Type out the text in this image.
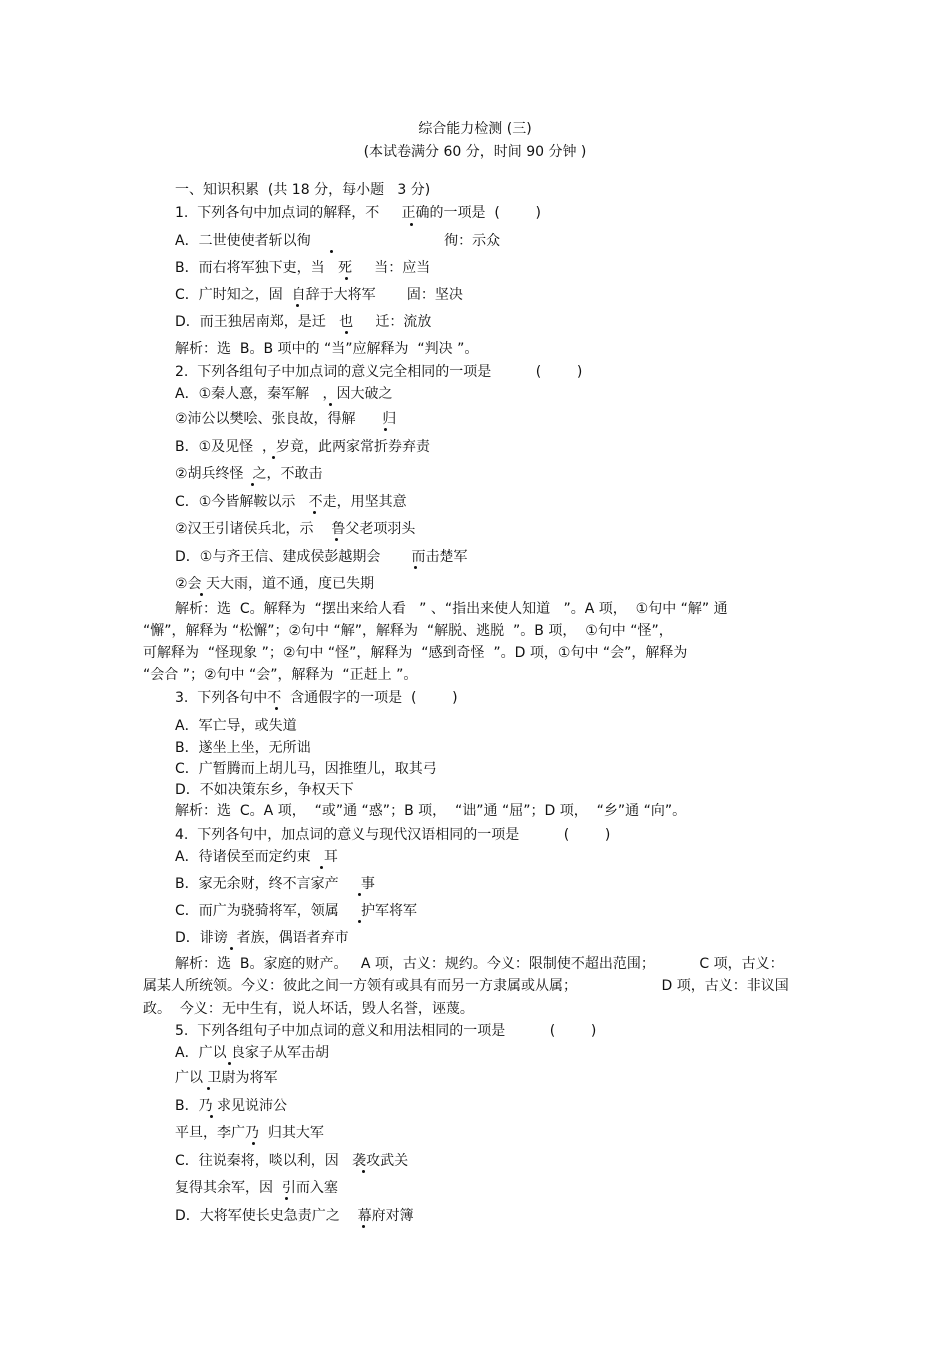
综合能力检测 (三)
(本试卷满分 60 分，时间 90 分钟 )
一、知识积累  (共 18 分，每小题   3 分)
1.  下列各句中加点词的解释，不     正确的一项是  (        )
A．二世使使者斩以徇                              徇：示众
B．而右将军独下吏，当   死     当：应当
C．广时知之，固  自辞于大将军       固：坚决
D．而王独居南郑，是迁   也     迁：流放
解析：选  B。B 项中的 “当”应解释为  “判决 ”。
2.  下列各组句子中加点词的意义完全相同的一项是          (        )
A．①秦人憙，秦军解   ，因大破之
②沛公以樊哙、张良故，得解      归
B．①及见怪  ，岁竟，此两家常折券弃责
②胡兵终怪  之，不敢击
C．①今皆解鞍以示   不走，用坚其意
②汉王引诸侯兵北，示    鲁父老项羽头
D．①与齐王信、建成侯彭越期会       而击楚军
②会 天大雨，道不通，度已失期
解析：选  C。解释为  “摆出来给人看   ” 、“指出来使人知道   ”。A 项，  ①句中 “解” 通
“懈”，解释为 “松懈”；②句中 “解”，解释为  “解脱、逃脱  ”。B 项，  ①句中 “怪”，
可解释为  “怪现象 ”；②句中 “怪”，解释为  “感到奇怪  ”。D 项，①句中 “会”，解释为
“会合 ”；②句中 “会”，解释为  “正赶上 ”。
3.  下列各句中不  含通假字的一项是  (        )
A．军亡导，或失道
B．遂坐上坐，无所诎
C．广暂腾而上胡儿马，因推堕儿，取其弓
D．不如决策东乡，争权天下
解析：选  C。A 项，  “或”通 “惑”；B 项，  “诎”通 “屈”；D 项，  “乡”通 “向”。
4.  下列各句中，加点词的意义与现代汉语相同的一项是          (        )
A．待诸侯至而定约束   耳
B．家无余财，终不言家产     事
C．而广为骁骑将军，领属     护军将军
D．诽谤  者族，偶语者弃市
解析：选  B。家庭的财产。   A 项，古义：规约。今义：限制使不超出范围；          C 项，古义：
属某人所统领。今义：彼此之间一方领有或具有而另一方隶属或从属；                   D 项，古义：非议国
政。  今义：无中生有，说人坏话，毁人名誉，诬蔑。
5.  下列各组句子中加点词的意义和用法相同的一项是          (        )
A．广以 良家子从军击胡
广以 卫尉为将军
B．乃 求见说沛公
平旦，李广乃  归其大军
C．往说秦将，啖以利，因   袭攻武关
复得其余军，因  引而入塞
D．大将军使长史急责广之    幕府对簿
